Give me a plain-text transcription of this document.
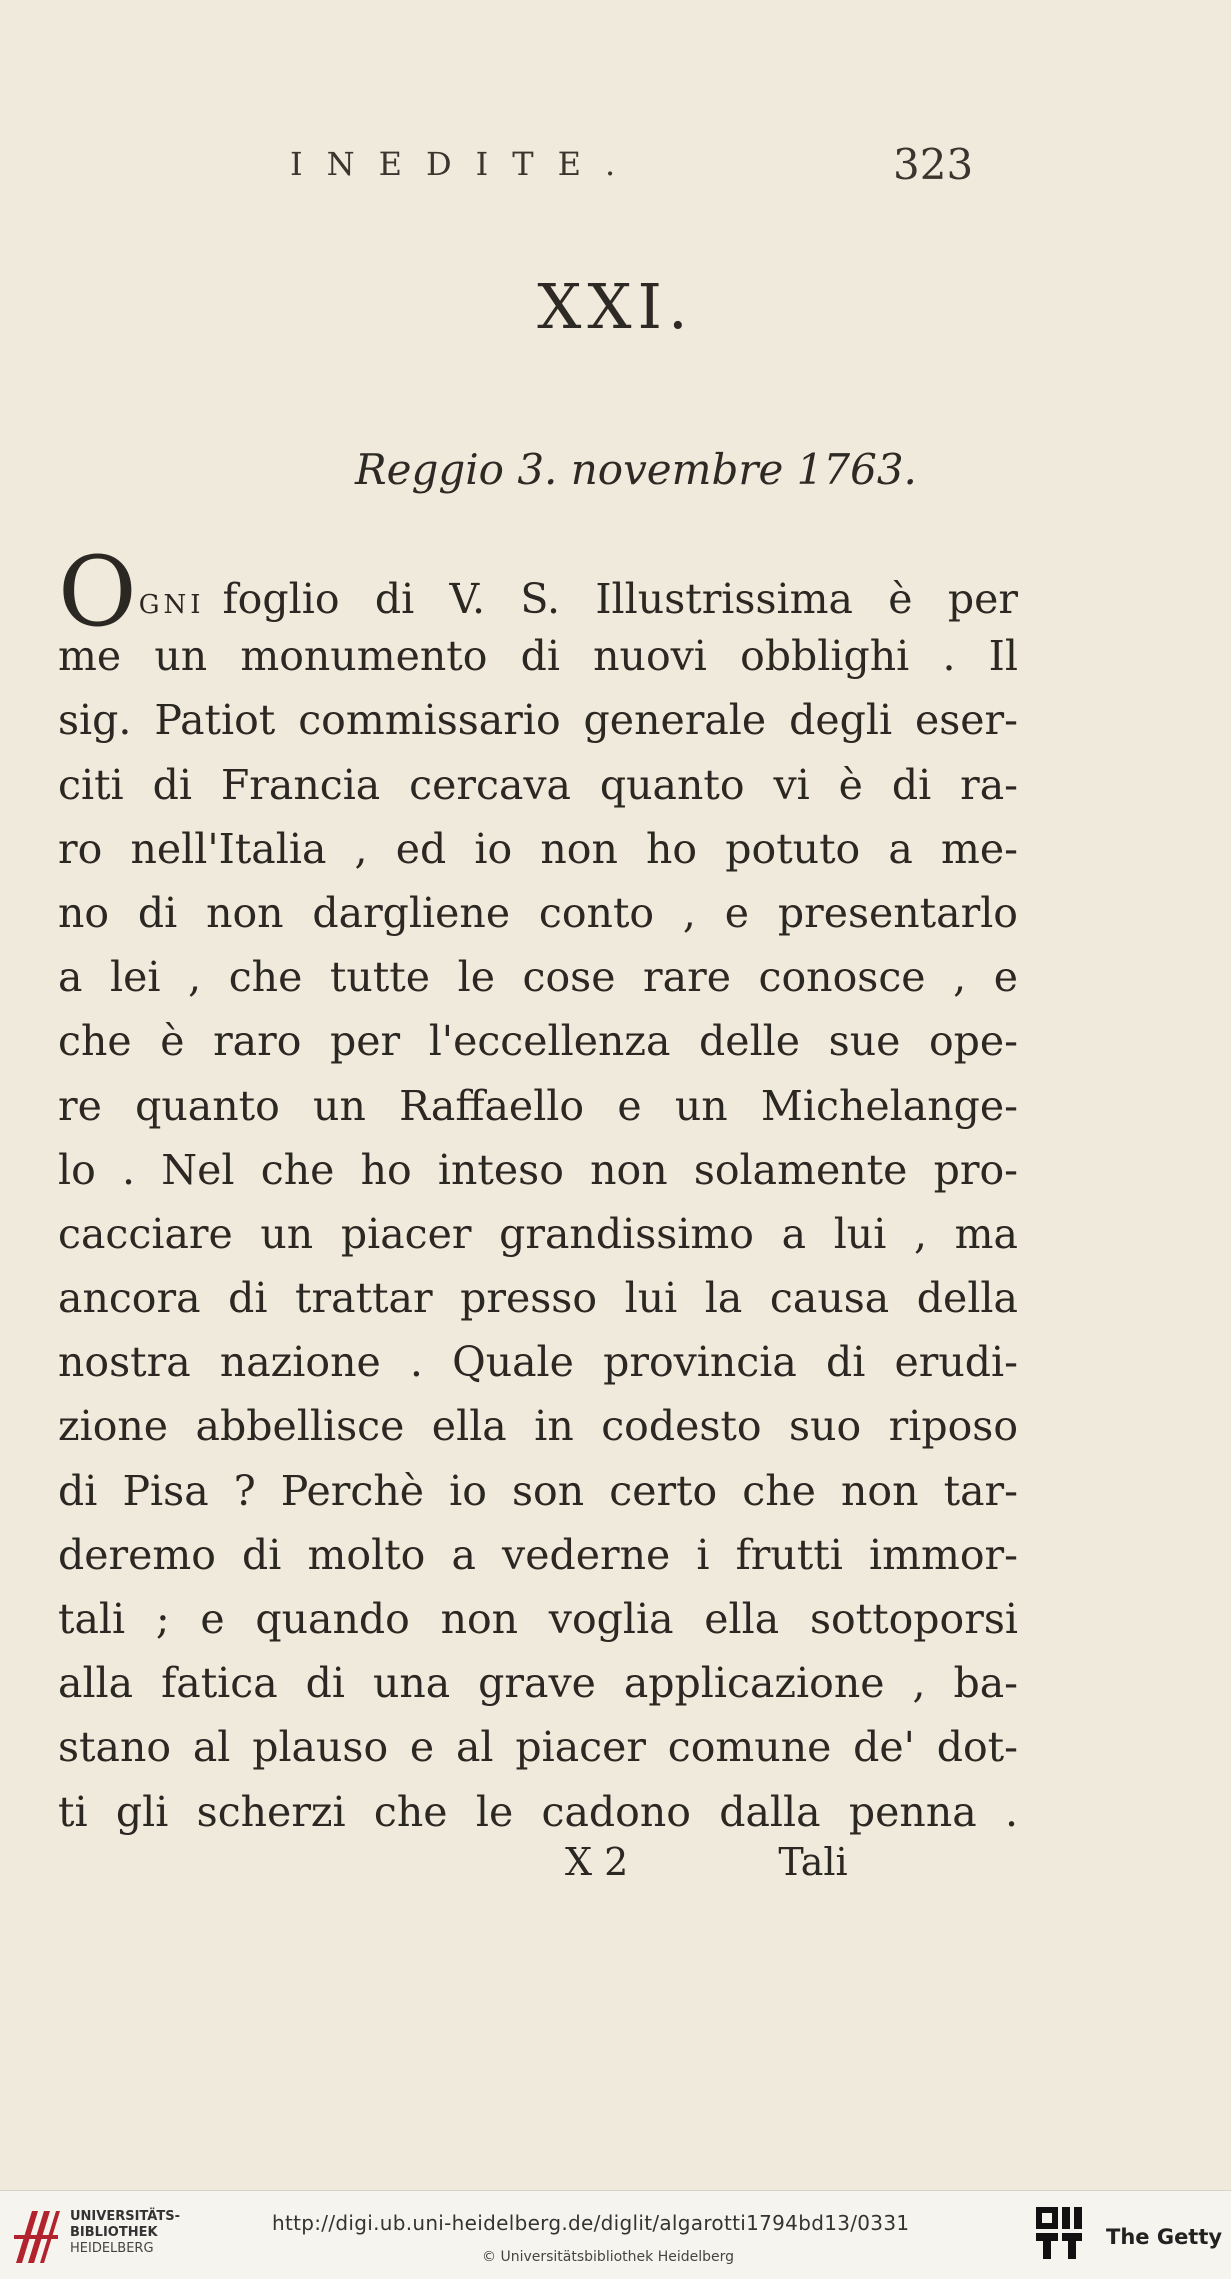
INEDITE.	323
XXI.
Reggio 3. novembre 1763.
OGNI foglio di V. S. Illustrissima è per
me un monumento di nuovi obblighi . Il
sig. Patiot commissario generale degli eser-
citi di Francia cercava quanto vi è di ra-
ro nell'Italia , ed io non ho potuto a me-
no di non dargliene conto , e presentarlo
a lei , che tutte le cose rare conosce , e
che è raro per l'eccellenza delle sue ope-
re quanto un Raffaello e un Michelange-
lo . Nel che ho inteso non solamente pro-
cacciare un piacer grandissimo a lui , ma
ancora di trattar presso lui la causa della
nostra nazione . Quale provincia di erudi-
zione abbellisce ella in codesto suo riposo
di Pisa ? Perchè io son certo che non tar-
deremo di molto a vederne i frutti immor-
tali ; e quando non voglia ella sottoporsi
alla fatica di una grave applicazione , ba-
stano al plauso e al piacer comune de' dot-
ti gli scherzi che le cadono dalla penna .
X 2	Tali
UNIVERSITÄTS-
BIBLIOTHEK
HEIDELBERG
http://digi.ub.uni-heidelberg.de/diglit/algarotti1794bd13/0331
© Universitätsbibliothek Heidelberg
The Getty
